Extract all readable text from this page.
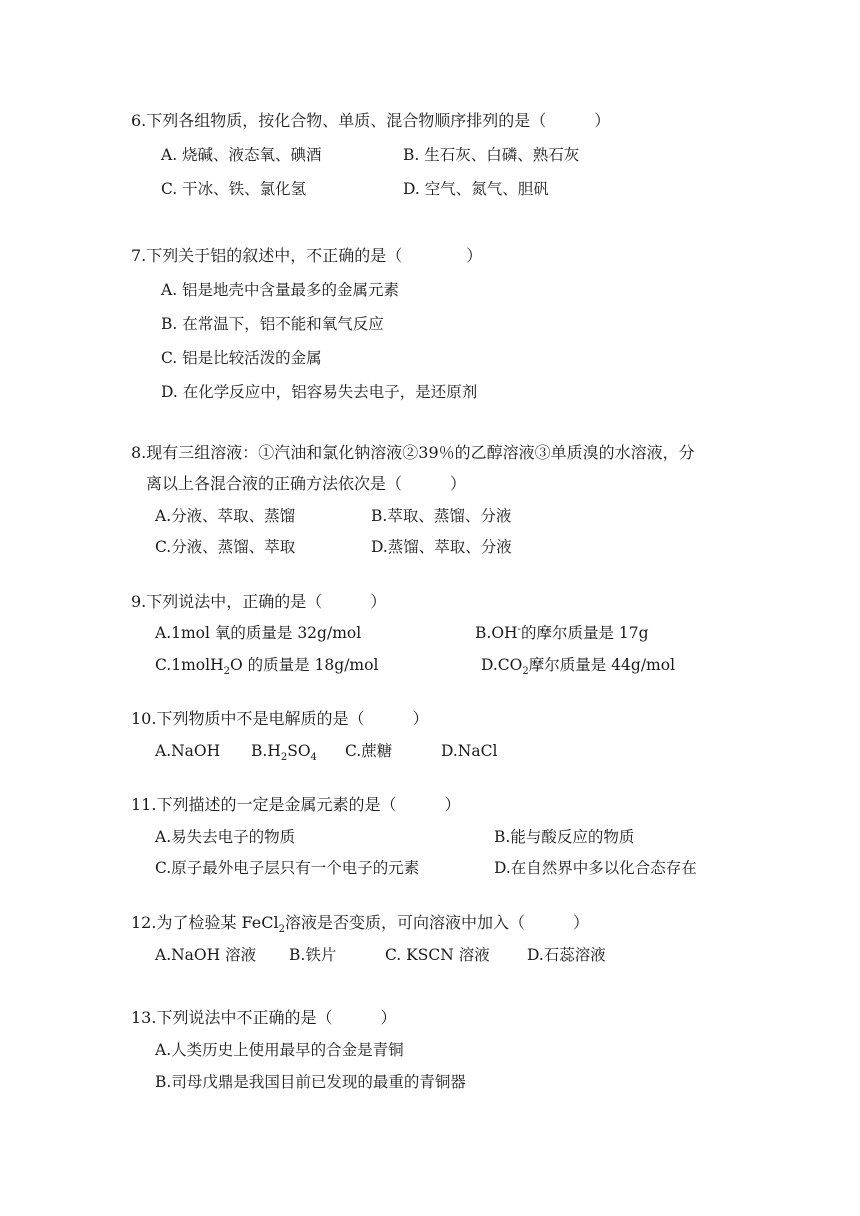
6.下列各组物质，按化合物、单质、混合物顺序排列的是（　　　）
A. 烧碱、液态氧、碘酒	B. 生石灰、白磷、熟石灰
C. 干冰、铁、氯化氢	D. 空气、氮气、胆矾
7.下列关于铝的叙述中，不正确的是（　　　　）
A. 铝是地壳中含量最多的金属元素
B. 在常温下，铝不能和氧气反应
C. 铝是比较活泼的金属
D. 在化学反应中，铝容易失去电子，是还原剂
8.现有三组溶液：①汽油和氯化钠溶液②39％的乙醇溶液③单质溴的水溶液，分
离以上各混合液的正确方法依次是（　　　）
A.分液、萃取、蒸馏	B.萃取、蒸馏、分液
C.分液、蒸馏、萃取	D.蒸馏、萃取、分液
9.下列说法中，正确的是（　　　）
A.1mol 氧的质量是 32g/mol	B.OH-的摩尔质量是 17g
C.1molH$_2$O 的质量是 18g/mol	$D.CO_2$摩尔质量是 44g/mol
10.下列物质中不是电解质的是（　　　）
A.NaOH $B.H_2SO_4$ C.蔗糖	D.NaCl
11.下列描述的一定是金属元素的是（　　　）
A.易失去电子的物质	B.能与酸反应的物质
C.原子最外电子层只有一个电子的元素	D.在自然界中多以化合态存在
12.为了检验某 FeCl$_2$溶液是否变质，可向溶液中加入（　　　）
A.NaOH 溶液 B.铁片	C. KSCN 溶液 D.石蕊溶液
13.下列说法中不正确的是（　　　）
A.人类历史上使用最早的合金是青铜
B.司母戊鼎是我国目前已发现的最重的青铜器
